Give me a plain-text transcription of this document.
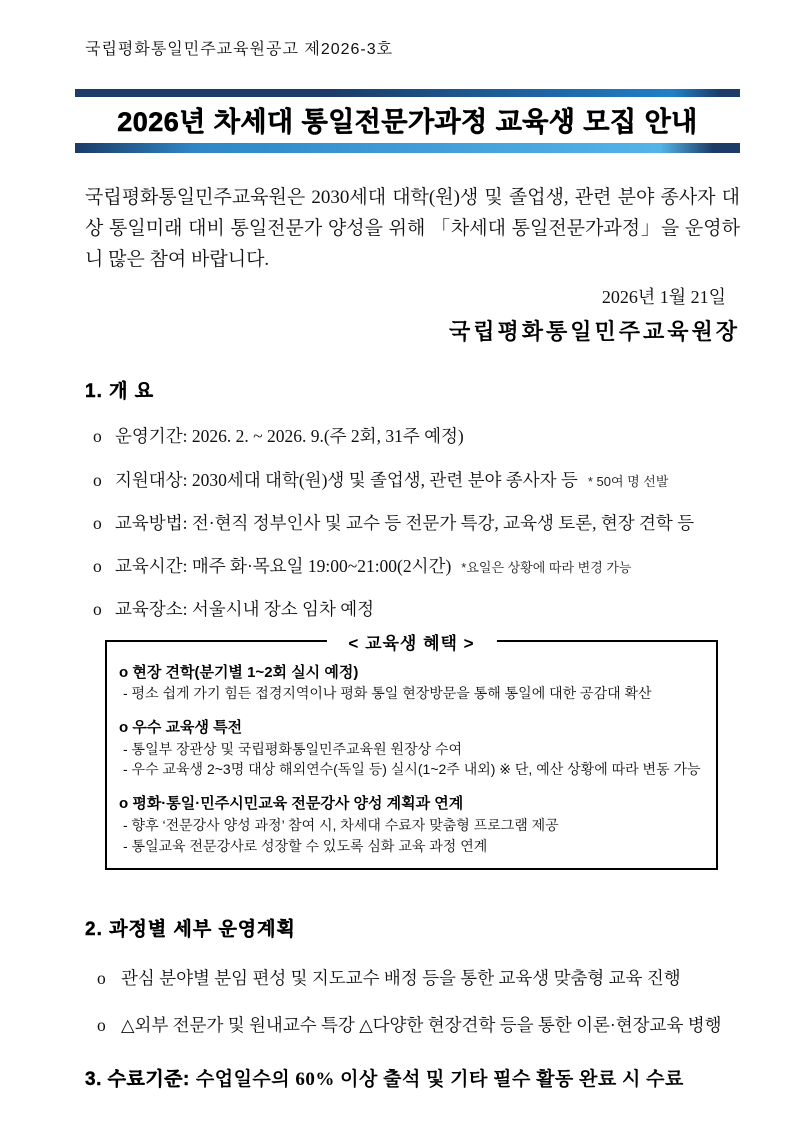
국립평화통일민주교육원공고 제2026-3호
2026년 차세대 통일전문가과정 교육생 모집 안내
국립평화통일민주교육원은 2030세대 대학(원)생 및 졸업생, 관련 분야 종사자 대상 통일미래 대비 통일전문가 양성을 위해 「차세대 통일전문가과정」을 운영하니 많은 참여 바랍니다.
2026년 1월 21일
국립평화통일민주교육원장
1. 개 요
o 운영기간: 2026. 2. ~ 2026. 9.(주 2회, 31주 예정)
o 지원대상: 2030세대 대학(원)생 및 졸업생, 관련 분야 종사자 등 * 50여 명 선발
o 교육방법: 전·현직 정부인사 및 교수 등 전문가 특강, 교육생 토론, 현장 견학 등
o 교육시간: 매주 화·목요일 19:00~21:00(2시간) *요일은 상황에 따라 변경 가능
o 교육장소: 서울시내 장소 임차 예정
< 교육생 혜택 >
o 현장 견학(분기별 1~2회 실시 예정)
- 평소 쉽게 가기 힘든 접경지역이나 평화 통일 현장방문을 통해 통일에 대한 공감대 확산
o 우수 교육생 특전
- 통일부 장관상 및 국립평화통일민주교육원 원장상 수여
- 우수 교육생 2~3명 대상 해외연수(독일 등) 실시(1~2주 내외) ※ 단, 예산 상황에 따라 변동 가능
o 평화·통일·민주시민교육 전문강사 양성 계획과 연계
- 향후 ‘전문강사 양성 과정’ 참여 시, 차세대 수료자 맞춤형 프로그램 제공
- 통일교육 전문강사로 성장할 수 있도록 심화 교육 과정 연계
2. 과정별 세부 운영계획
o 관심 분야별 분임 편성 및 지도교수 배정 등을 통한 교육생 맞춤형 교육 진행
o △외부 전문가 및 원내교수 특강 △다양한 현장견학 등을 통한 이론·현장교육 병행
3. 수료기준: 수업일수의 60% 이상 출석 및 기타 필수 활동 완료 시 수료
